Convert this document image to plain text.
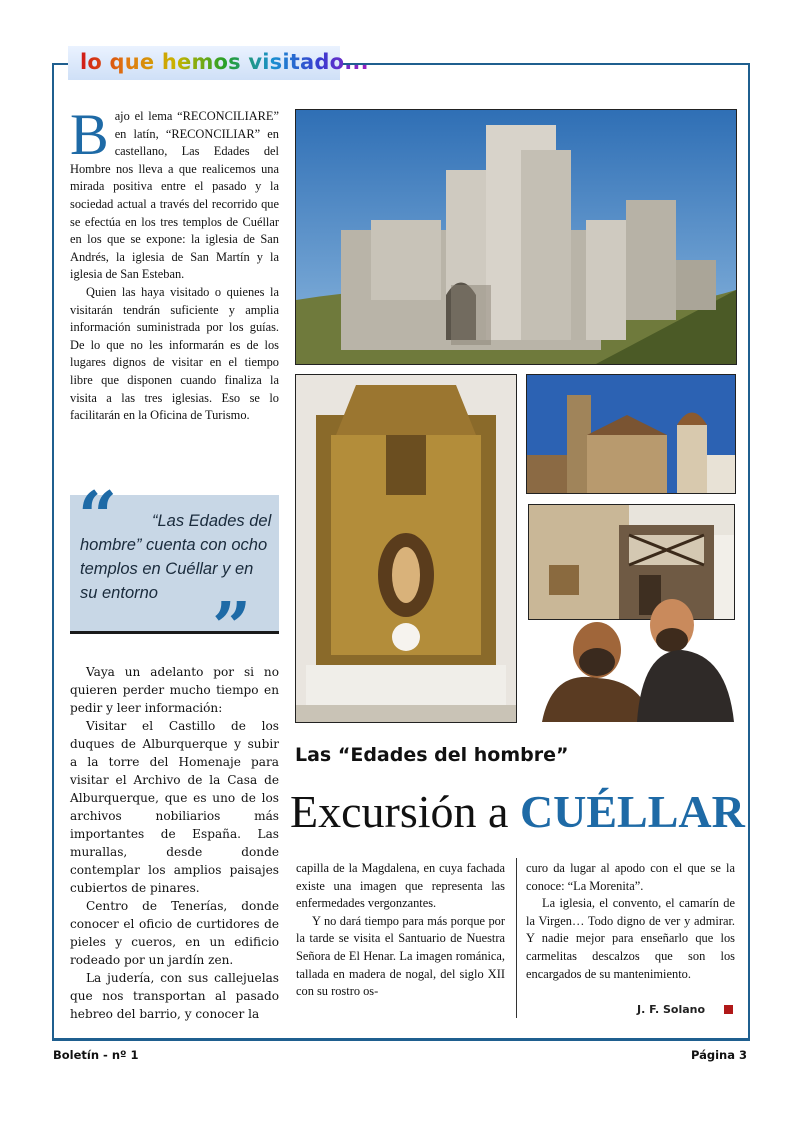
lo que hemos visitado...
B ajo el lema “RECONCILIARE” en latín, “RECONCILIAR” en castellano, Las Edades del Hombre nos lleva a que realicemos una mirada positiva entre el pasado y la sociedad actual a través del recorrido que se efectúa en los tres templos de Cuéllar en los que se expone: la iglesia de San Andrés, la iglesia de San Martín y la iglesia de San Esteban.

Quien las haya visitado o quienes la visitarán tendrán suficiente y amplia información suministrada por los guías. De lo que no les informarán es de los lugares dignos de visitar en el tiempo libre que disponen cuando finaliza la visita a las tres iglesias. Eso se lo facilitarán en la Oficina de Turismo.

“	“Las Edades del hombre” cuenta con ocho templos en Cuéllar y en su entorno ”

Vaya un adelanto por si no quieren perder mucho tiempo en pedir y leer información:

Visitar el Castillo de los duques de Alburquerque y subir a la torre del Homenaje para visitar el Archivo de la Casa de Alburquerque, que es uno de los archivos nobiliarios más importantes de España. Las murallas, desde donde contemplar los amplios paisajes cubiertos de pinares.

Centro de Tenerías, donde conocer el oficio de curtidores de pieles y cueros, en un edificio rodeado por un jardín zen.

La judería, con sus callejuelas que nos transportan al pasado hebreo del barrio, y conocer la

Las “Edades del hombre”
Excursión a CUÉLLAR

capilla de la Magdalena, en cuya fachada existe una imagen que representa las enfermedades vergonzantes.

Y no dará tiempo para más porque por la tarde se visita el Santuario de Nuestra Señora de El Henar. La imagen románica, tallada en madera de nogal, del siglo XII con su rostro os-

curo da lugar al apodo con el que se la conoce: “La Morenita”.

La iglesia, el convento, el camarín de la Virgen… Todo digno de ver y admirar. Y nadie mejor para enseñarlo que los carmelitas descalzos que son los encargados de su mantenimiento.

J. F. Solano
Boletín - nº 1	Página 3
